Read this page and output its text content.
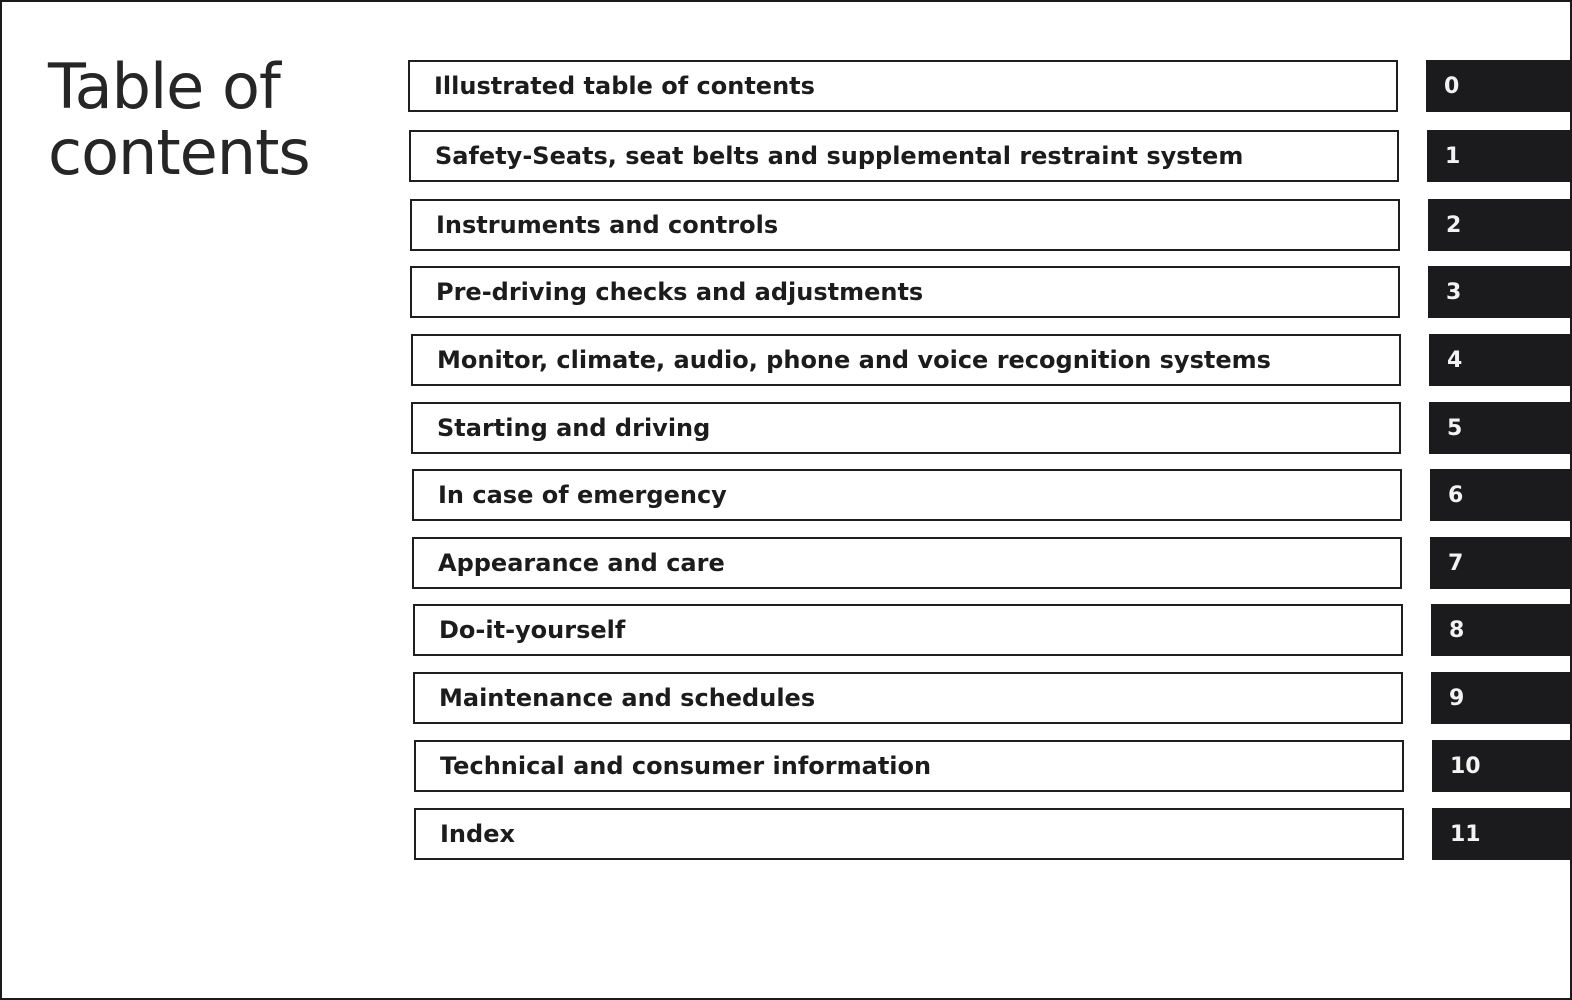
Table of
contents
Illustrated table of contents	0
Safety-Seats, seat belts and supplemental restraint system	1
Instruments and controls	2
Pre-driving checks and adjustments	3
Monitor, climate, audio, phone and voice recognition systems	4
Starting and driving	5
In case of emergency	6
Appearance and care	7
Do-it-yourself	8
Maintenance and schedules	9
Technical and consumer information	10
Index	11
